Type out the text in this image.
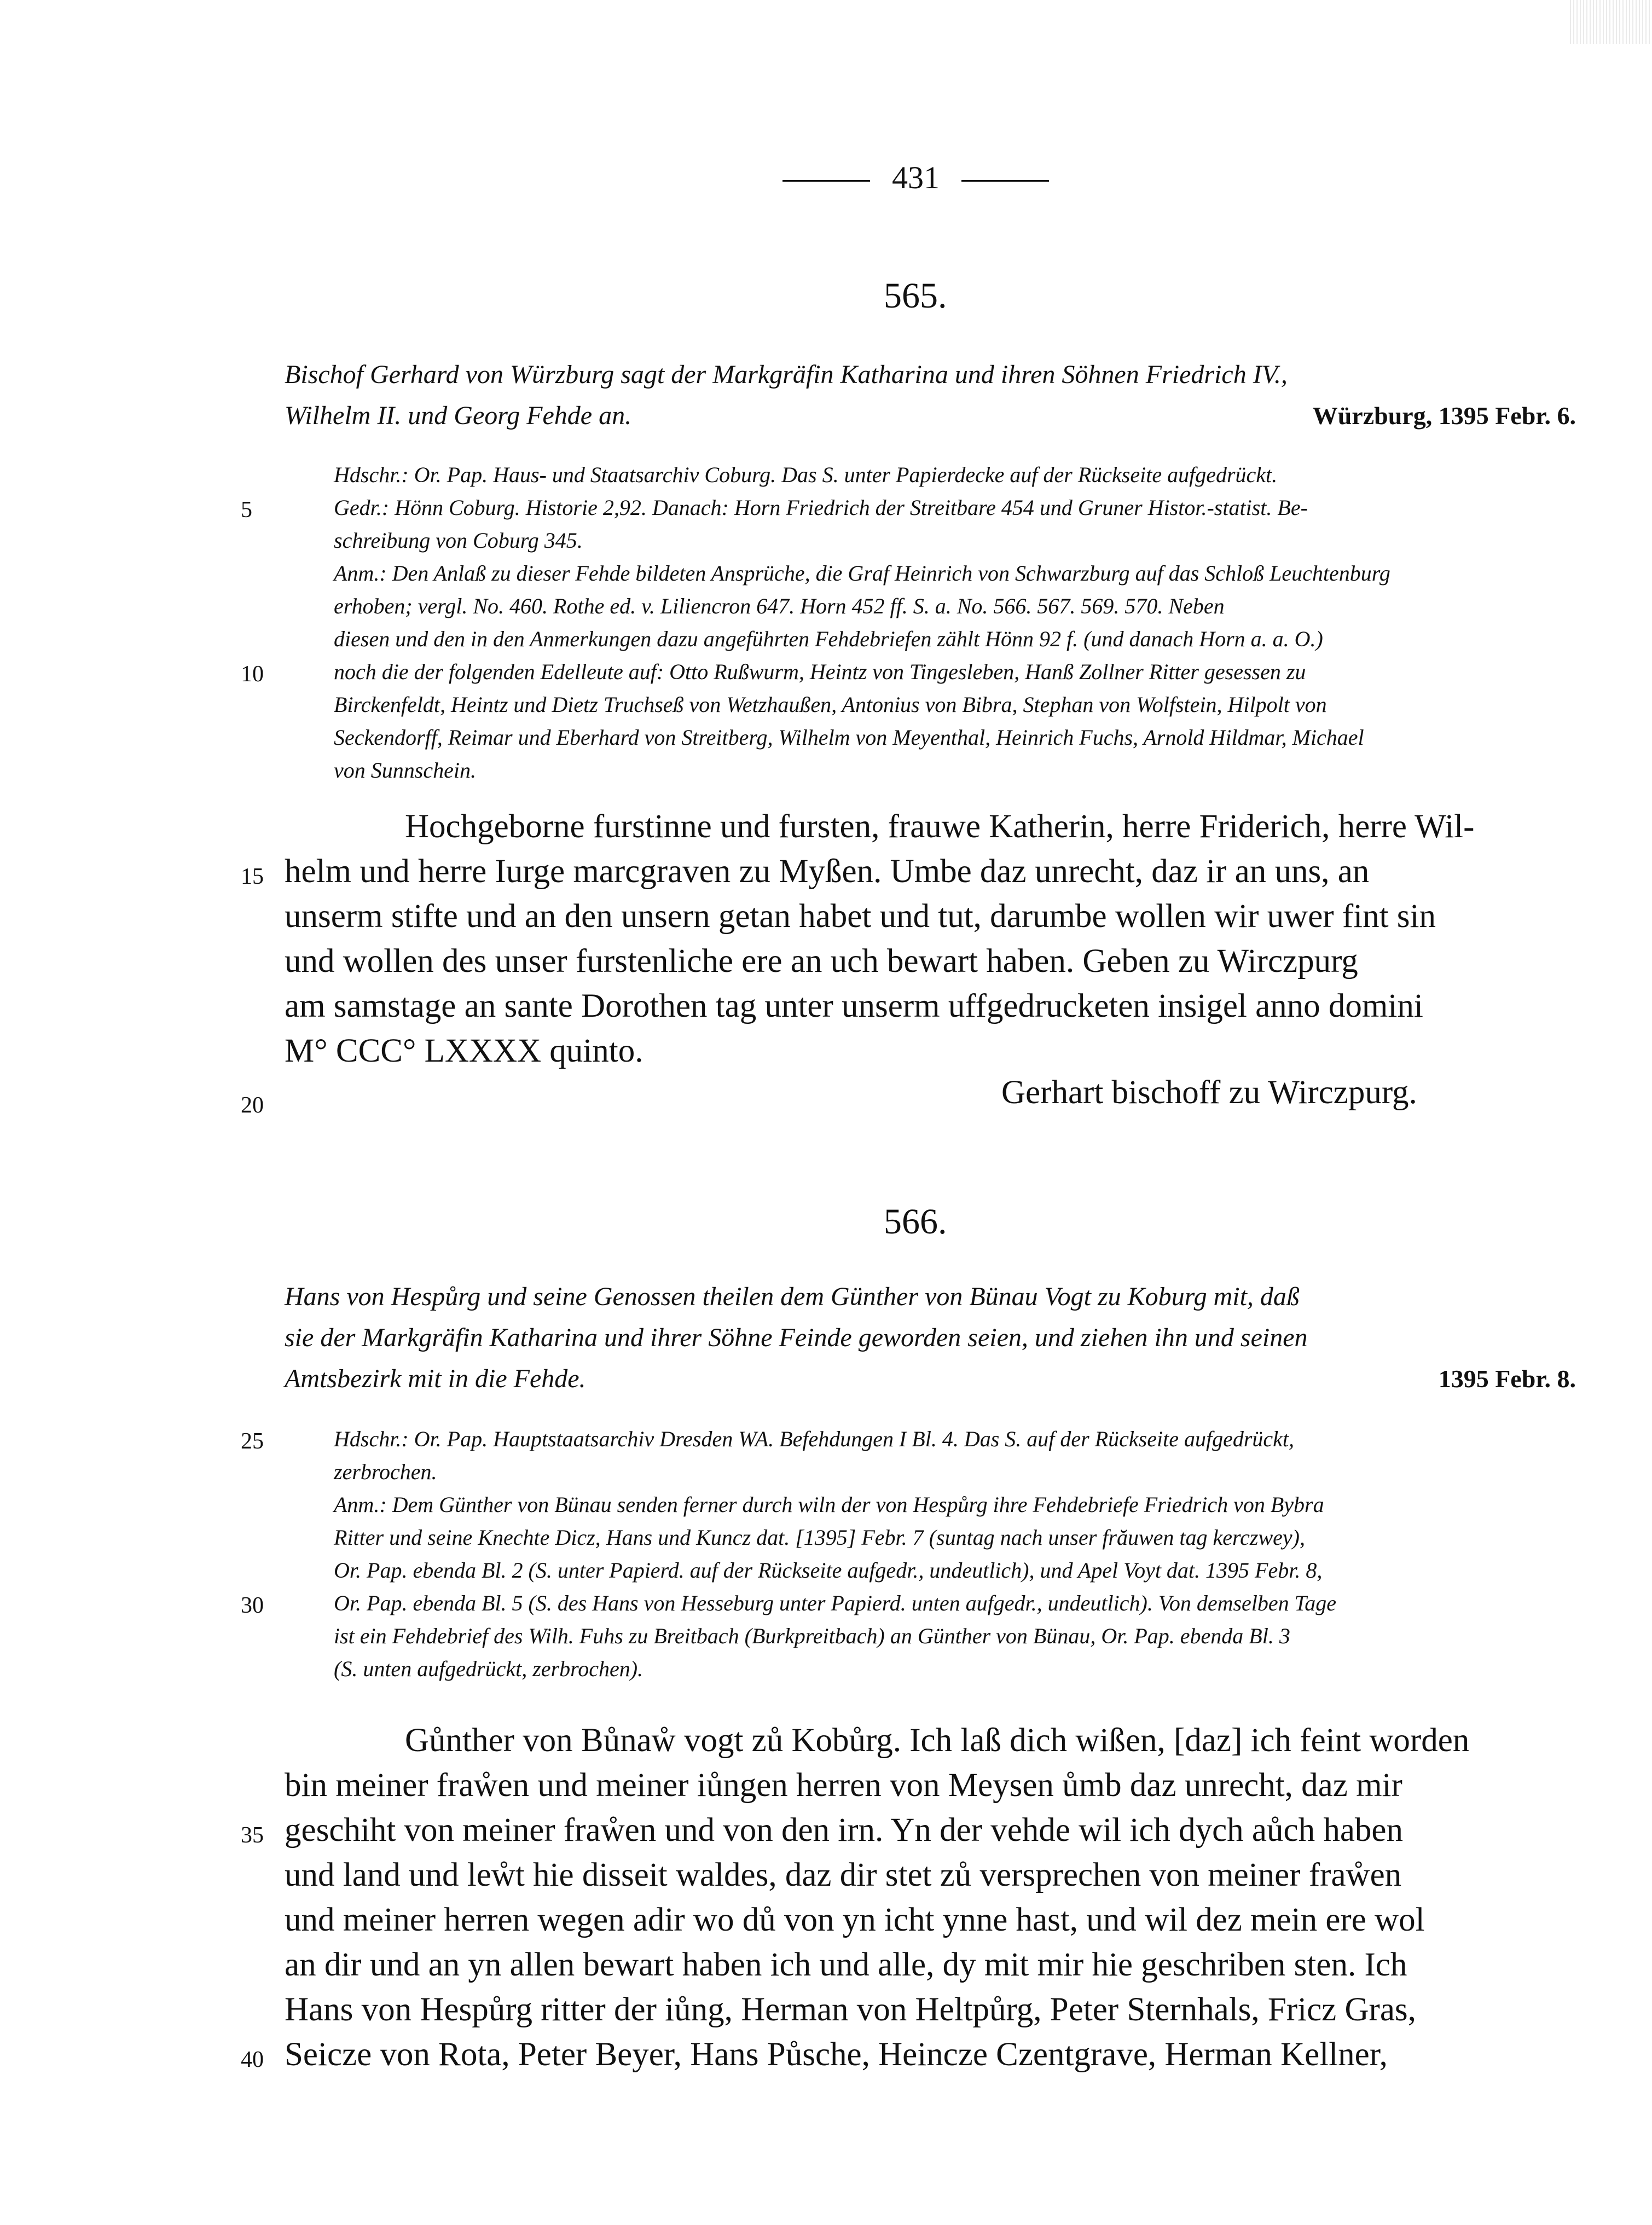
431
565.
Bischof Gerhard von Würzburg sagt der Markgräfin Katharina und ihren Söhnen Friedrich IV.,
Wilhelm II. und Georg Fehde an.	Würzburg, 1395 Febr. 6.
Hdschr.: Or. Pap. Haus- und Staatsarchiv Coburg. Das S. unter Papierdecke auf der Rückseite aufgedrückt.
Gedr.: Hönn Coburg. Historie 2,92. Danach: Horn Friedrich der Streitbare 454 und Gruner Histor.-statist. Be-
schreibung von Coburg 345.
Anm.: Den Anlaß zu dieser Fehde bildeten Ansprüche, die Graf Heinrich von Schwarzburg auf das Schloß Leuchtenburg
erhoben; vergl. No. 460. Rothe ed. v. Liliencron 647. Horn 452 ff. S. a. No. 566. 567. 569. 570. Neben
diesen und den in den Anmerkungen dazu angeführten Fehdebriefen zählt Hönn 92 f. (und danach Horn a. a. O.)
noch die der folgenden Edelleute auf: Otto Rußwurm, Heintz von Tingesleben, Hanß Zollner Ritter gesessen zu
Birckenfeldt, Heintz und Dietz Truchseß von Wetzhaußen, Antonius von Bibra, Stephan von Wolfstein, Hilpolt von
Seckendorff, Reimar und Eberhard von Streitberg, Wilhelm von Meyenthal, Heinrich Fuchs, Arnold Hildmar, Michael
von Sunnschein.
Hochgeborne furstinne und fursten, frauwe Katherin, herre Friderich, herre Wil-
helm und herre Iurge marcgraven zu Myßen. Umbe daz unrecht, daz ir an uns, an
unserm stifte und an den unsern getan habet und tut, darumbe wollen wir uwer fint sin
und wollen des unser furstenliche ere an uch bewart haben. Geben zu Wirczpurg
am samstage an sante Dorothen tag unter unserm uffgedrucketen insigel anno domini
M° CCC° LXXXX quinto.
Gerhart bischoff zu Wirczpurg.
566.
Hans von Hespůrg und seine Genossen theilen dem Günther von Bünau Vogt zu Koburg mit, daß
sie der Markgräfin Katharina und ihrer Söhne Feinde geworden seien, und ziehen ihn und seinen
Amtsbezirk mit in die Fehde.	1395 Febr. 8.
Hdschr.: Or. Pap. Hauptstaatsarchiv Dresden WA. Befehdungen I Bl. 4. Das S. auf der Rückseite aufgedrückt,
zerbrochen.
Anm.: Dem Günther von Bünau senden ferner durch wiln der von Hespůrg ihre Fehdebriefe Friedrich von Bybra
Ritter und seine Knechte Dicz, Hans und Kuncz dat. [1395] Febr. 7 (suntag nach unser frăuwen tag kerczwey),
Or. Pap. ebenda Bl. 2 (S. unter Papierd. auf der Rückseite aufgedr., undeutlich), und Apel Voyt dat. 1395 Febr. 8,
Or. Pap. ebenda Bl. 5 (S. des Hans von Hesseburg unter Papierd. unten aufgedr., undeutlich). Von demselben Tage
ist ein Fehdebrief des Wilh. Fuhs zu Breitbach (Burkpreitbach) an Günther von Bünau, Or. Pap. ebenda Bl. 3
(S. unten aufgedrückt, zerbrochen).
Gůnther von Bůnaẘ vogt zů Kobůrg. Ich laß dich wißen, [daz] ich feint worden
bin meiner fraẘen und meiner iůngen herren von Meysen ůmb daz unrecht, daz mir
geschiht von meiner fraẘen und von den irn. Yn der vehde wil ich dych aůch haben
und land und leẘt hie disseit waldes, daz dir stet zů versprechen von meiner fraẘen
und meiner herren wegen adir wo dů von yn icht ynne hast, und wil dez mein ere wol
an dir und an yn allen bewart haben ich und alle, dy mit mir hie geschriben sten. Ich
Hans von Hespůrg ritter der iůng, Herman von Heltpůrg, Peter Sternhals, Fricz Gras,
Seicze von Rota, Peter Beyer, Hans Půsche, Heincze Czentgrave, Herman Kellner,
5
10
15
20
25
30
35
40
